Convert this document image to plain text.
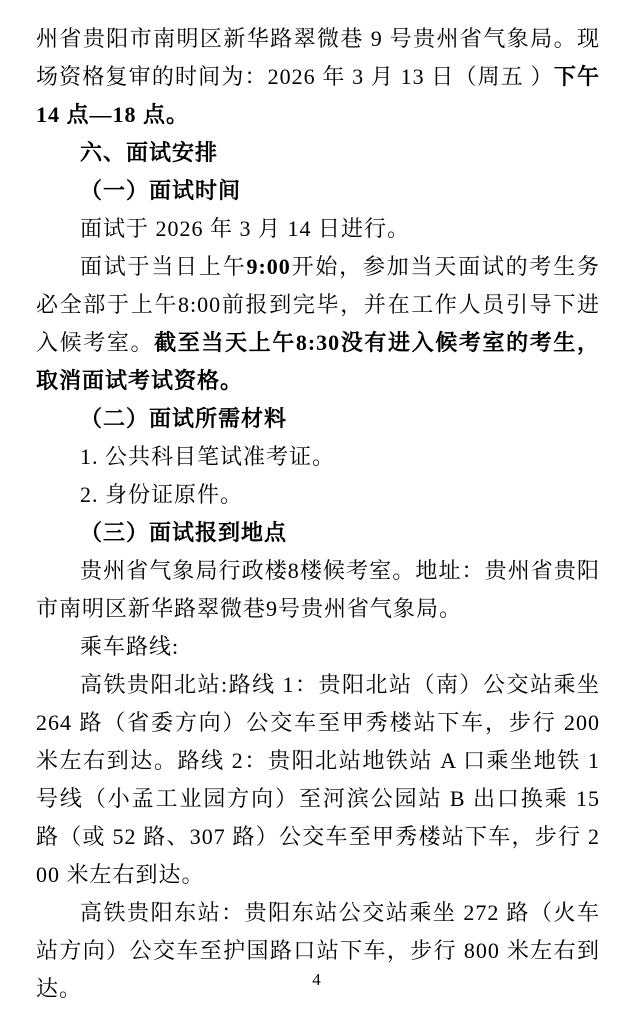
州省贵阳市南明区新华路翠微巷 9 号贵州省气象局。现场资格复审的时间为：2026 年 3 月 13 日（周五 ）下午 14 点—18 点。

六、面试安排

（一）面试时间

面试于 2026 年 3 月 14 日进行。

面试于当日上午9:00开始，参加当天面试的考生务必全部于上午8:00前报到完毕，并在工作人员引导下进入候考室。截至当天上午8:30没有进入候考室的考生，取消面试考试资格。

（二）面试所需材料

1. 公共科目笔试准考证。

2. 身份证原件。

（三）面试报到地点

贵州省气象局行政楼8楼候考室。地址：贵州省贵阳市南明区新华路翠微巷9号贵州省气象局。

乘车路线:

高铁贵阳北站:路线 1：贵阳北站（南）公交站乘坐 264 路（省委方向）公交车至甲秀楼站下车，步行 200 米左右到达。路线 2：贵阳北站地铁站 A 口乘坐地铁 1 号线（小孟工业园方向）至河滨公园站 B 出口换乘 15 路（或 52 路、307 路）公交车至甲秀楼站下车，步行 200 米左右到达。

高铁贵阳东站：贵阳东站公交站乘坐 272 路（火车站方向）公交车至护国路口站下车，步行 800 米左右到达。	4
